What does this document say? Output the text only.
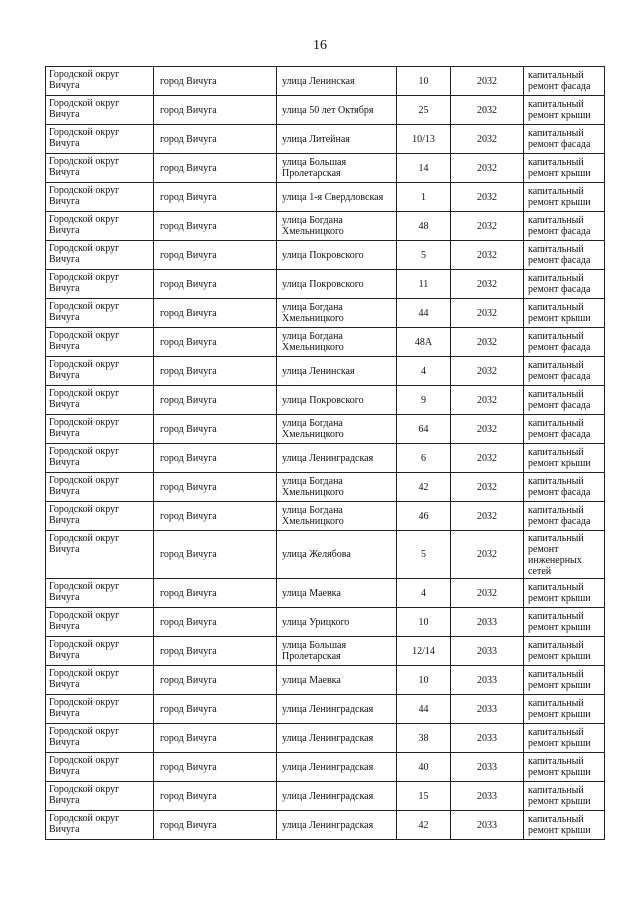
16
Городской округ Вичуга	город Вичуга	улица Ленинская	10	2032	капитальный ремонт фасада
Городской округ Вичуга	город Вичуга	улица 50 лет Октября	25	2032	капитальный ремонт крыши
Городской округ Вичуга	город Вичуга	улица Литейная	10/13	2032	капитальный ремонт фасада
Городской округ Вичуга	город Вичуга	улица Большая Пролетарская	14	2032	капитальный ремонт крыши
Городской округ Вичуга	город Вичуга	улица 1-я Свердловская	1	2032	капитальный ремонт крыши
Городской округ Вичуга	город Вичуга	улица Богдана Хмельницкого	48	2032	капитальный ремонт фасада
Городской округ Вичуга	город Вичуга	улица Покровского	5	2032	капитальный ремонт фасада
Городской округ Вичуга	город Вичуга	улица Покровского	11	2032	капитальный ремонт фасада
Городской округ Вичуга	город Вичуга	улица Богдана Хмельницкого	44	2032	капитальный ремонт крыши
Городской округ Вичуга	город Вичуга	улица Богдана Хмельницкого	48А	2032	капитальный ремонт фасада
Городской округ Вичуга	город Вичуга	улица Ленинская	4	2032	капитальный ремонт фасада
Городской округ Вичуга	город Вичуга	улица Покровского	9	2032	капитальный ремонт фасада
Городской округ Вичуга	город Вичуга	улица Богдана Хмельницкого	64	2032	капитальный ремонт фасада
Городской округ Вичуга	город Вичуга	улица Ленинградская	6	2032	капитальный ремонт крыши
Городской округ Вичуга	город Вичуга	улица Богдана Хмельницкого	42	2032	капитальный ремонт фасада
Городской округ Вичуга	город Вичуга	улица Богдана Хмельницкого	46	2032	капитальный ремонт фасада
Городской округ Вичуга	город Вичуга	улица Желябова	5	2032	капитальный ремонт инженерных сетей
Городской округ Вичуга	город Вичуга	улица Маевка	4	2032	капитальный ремонт крыши
Городской округ Вичуга	город Вичуга	улица Урицкого	10	2033	капитальный ремонт крыши
Городской округ Вичуга	город Вичуга	улица Большая Пролетарская	12/14	2033	капитальный ремонт крыши
Городской округ Вичуга	город Вичуга	улица Маевка	10	2033	капитальный ремонт крыши
Городской округ Вичуга	город Вичуга	улица Ленинградская	44	2033	капитальный ремонт крыши
Городской округ Вичуга	город Вичуга	улица Ленинградская	38	2033	капитальный ремонт крыши
Городской округ Вичуга	город Вичуга	улица Ленинградская	40	2033	капитальный ремонт крыши
Городской округ Вичуга	город Вичуга	улица Ленинградская	15	2033	капитальный ремонт крыши
Городской округ Вичуга	город Вичуга	улица Ленинградская	42	2033	капитальный ремонт крыши
